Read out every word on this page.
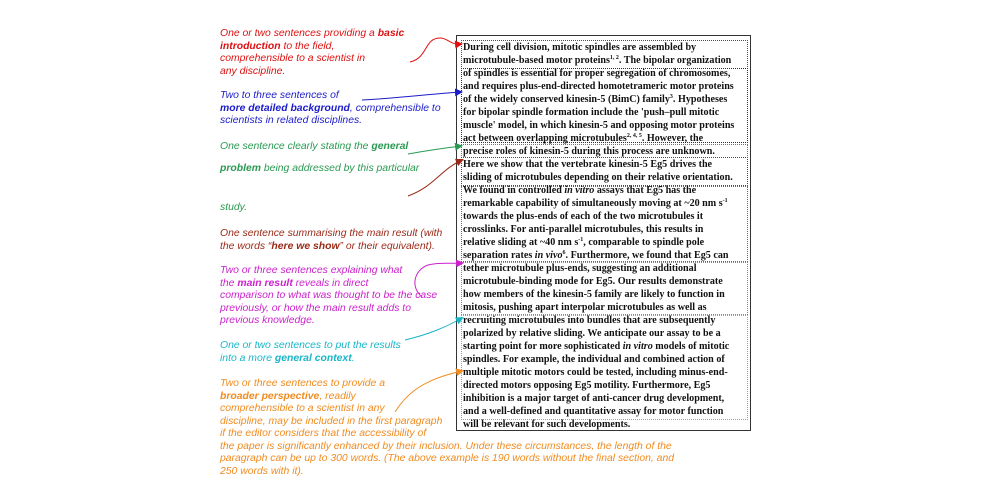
One or two sentences providing a basic
introduction to the field,
comprehensible to a scientist in
any discipline.

Two to three sentences of
more detailed background, comprehensible to
scientists in related disciplines.

One sentence clearly stating the general

problem being addressed by this particular

study.

One sentence summarising the main result (with
the words “here we show” or their equivalent).

Two or three sentences explaining what
the main result reveals in direct
comparison to what was thought to be the case
previously, or how the main result adds to
previous knowledge.

One or two sentences to put the results
into a more general context.

Two or three sentences to provide a
broader perspective, readily
comprehensible to a scientist in any
discipline, may be included in the first paragraph
if the editor considers that the accessibility of
the paper is significantly enhanced by their inclusion. Under these circumstances, the length of the
paragraph can be up to 300 words. (The above example is 190 words without the final section, and
250 words with it).

During cell division, mitotic spindles are assembled by
microtubule-based motor proteins$^{1, 2}$. The bipolar organization
of spindles is essential for proper segregation of chromosomes,
and requires plus-end-directed homotetrameric motor proteins
of the widely conserved kinesin-5 (BimC) family$^3$. Hypotheses
for bipolar spindle formation include the 'push–pull mitotic
muscle' model, in which kinesin-5 and opposing motor proteins
act between overlapping microtubules$^{2, 4, 5}$. However, the
precise roles of kinesin-5 during this process are unknown.
Here we show that the vertebrate kinesin-5 Eg5 drives the
sliding of microtubules depending on their relative orientation.
We found in controlled in vitro assays that Eg5 has the
remarkable capability of simultaneously moving at ~20 nm $s^{-1}$
towards the plus-ends of each of the two microtubules it
crosslinks. For anti-parallel microtubules, this results in
relative sliding at ~40 nm $s^{-1}$, comparable to spindle pole
separation rates in vivo$^6$. Furthermore, we found that Eg5 can
tether microtubule plus-ends, suggesting an additional
microtubule-binding mode for Eg5. Our results demonstrate
how members of the kinesin-5 family are likely to function in
mitosis, pushing apart interpolar microtubules as well as
recruiting microtubules into bundles that are subsequently
polarized by relative sliding. We anticipate our assay to be a
starting point for more sophisticated in vitro models of mitotic
spindles. For example, the individual and combined action of
multiple mitotic motors could be tested, including minus-end-
directed motors opposing Eg5 motility. Furthermore, Eg5
inhibition is a major target of anti-cancer drug development,
and a well-defined and quantitative assay for motor function
will be relevant for such developments.
